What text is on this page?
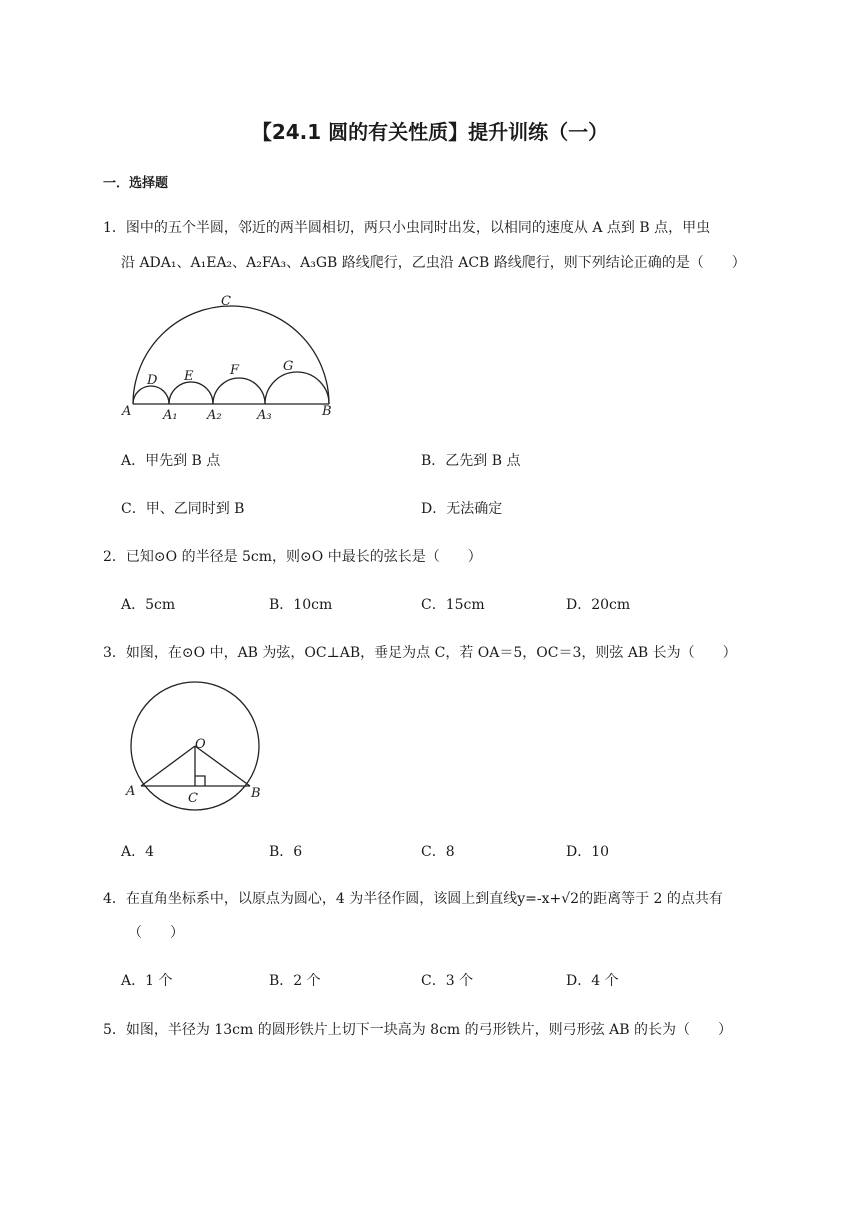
【24.1 圆的有关性质】提升训练（一）
一．选择题
1．图中的五个半圆，邻近的两半圆相切，两只小虫同时出发，以相同的速度从 A 点到 B 点，甲虫
沿 ADA₁、A₁EA₂、A₂FA₃、A₃GB 路线爬行，乙虫沿 ACB 路线爬行，则下列结论正确的是（　　）
C
D E	F	G
A A₁ A₂	A₃	B
A．甲先到 B 点	B．乙先到 B 点
C．甲、乙同时到 B	D．无法确定
2．已知⊙O 的半径是 5cm，则⊙O 中最长的弦长是（　　）
A．5cm	B．10cm	C．15cm	D．20cm
3．如图，在⊙O 中，AB 为弦，OC⊥AB，垂足为点 C，若 OA＝5，OC＝3，则弦 AB 长为（　　）
O
A	C	B
A．4	B．6	C．8	D．10
4．在直角坐标系中，以原点为圆心，4 为半径作圆，该圆上到直线y=-x+√2的距离等于 2 的点共有
（　　）
A．1 个	B．2 个	C．3 个	D．4 个
5．如图，半径为 13cm 的圆形铁片上切下一块高为 8cm 的弓形铁片，则弓形弦 AB 的长为（　　）
